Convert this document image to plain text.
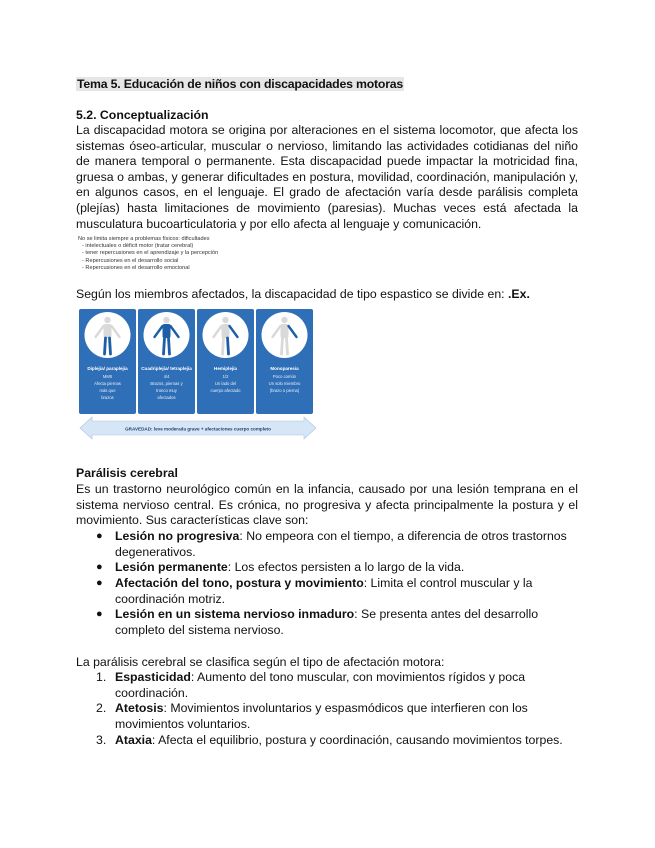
Tema 5. Educación de niños con discapacidades motoras
5.2. Conceptualización
La discapacidad motora se origina por alteraciones en el sistema locomotor, que afecta los sistemas óseo-articular, muscular o nervioso, limitando las actividades cotidianas del niño de manera temporal o permanente. Esta discapacidad puede impactar la motricidad fina, gruesa o ambas, y generar dificultades en postura, movilidad, coordinación, manipulación y, en algunos casos, en el lenguaje. El grado de afectación varía desde parálisis completa (plejías) hasta limitaciones de movimiento (paresias). Muchas veces está afectada la musculatura bucoarticulatoria y por ello afecta al lenguaje y comunicación.
No se limita siempre a problemas físicos: dificultades
- intelectuales o déficit motor (tratar cerebral)
- tener repercusiones en el aprendizaje y la percepción
- Repercusiones en el desarrollo social
- Repercusiones en el desarrollo emocional
Según los miembros afectados, la discapacidad de tipo espastico se divide en: .Ex.
Diplejía/ paraplejía
MMII
Afecta piernas
más que
brazos
Cuadriplejía/ tetraplejía
4/4
Brazos, piernas y
tronco muy
afectados
Hemiplejía
1/2
Un lado del
cuerpo afectado
Monoparesia
Poco común
Un solo miembro
(brazo o pierna)
GRAVEDAD: leve moderada grave + afectaciones cuerpo completo
Parálisis cerebral
Es un trastorno neurológico común en la infancia, causado por una lesión temprana en el sistema nervioso central. Es crónica, no progresiva y afecta principalmente la postura y el movimiento. Sus características clave son:
●	Lesión no progresiva: No empeora con el tiempo, a diferencia de otros trastornos degenerativos.
●	Lesión permanente: Los efectos persisten a lo largo de la vida.
●	Afectación del tono, postura y movimiento: Limita el control muscular y la coordinación motriz.
●	Lesión en un sistema nervioso inmaduro: Se presenta antes del desarrollo completo del sistema nervioso.
La parálisis cerebral se clasifica según el tipo de afectación motora:
1. Espasticidad: Aumento del tono muscular, con movimientos rígidos y poca coordinación.
2. Atetosis: Movimientos involuntarios y espasmódicos que interfieren con los movimientos voluntarios.
3. Ataxia: Afecta el equilibrio, postura y coordinación, causando movimientos torpes.
